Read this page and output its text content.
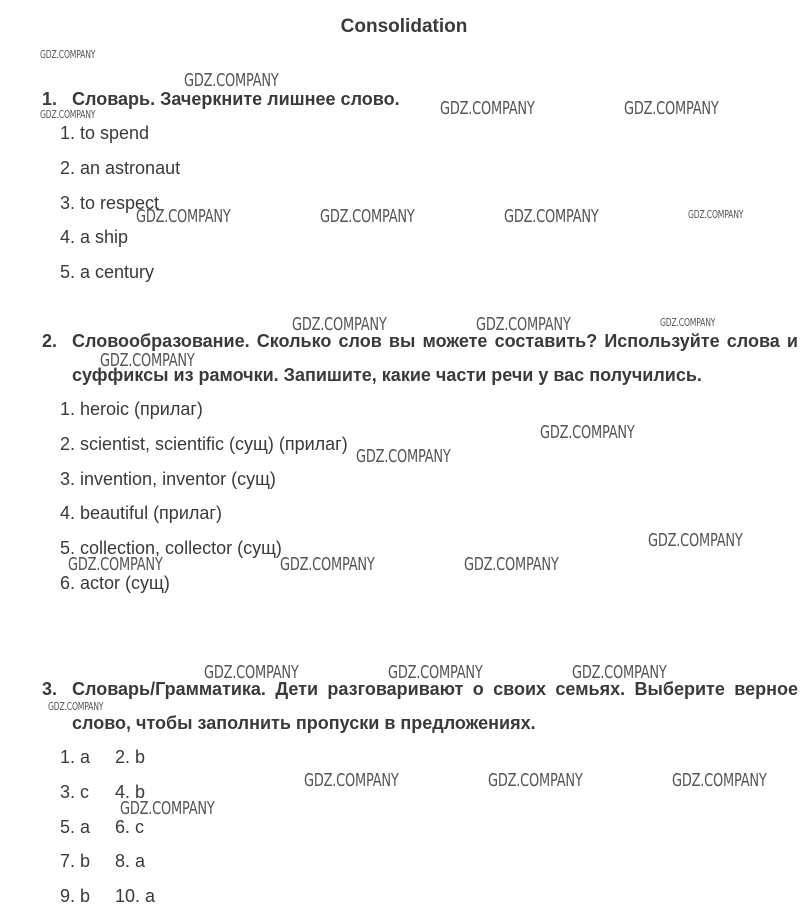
Consolidation
1. Словарь. Зачеркните лишнее слово.
1. to spend
2. an astronaut
3. to respect
4. a ship
5. a century
2. Словообразование. Сколько слов вы можете составить? Используйте слова и суффиксы из рамочки. Запишите, какие части речи у вас получились.
1. heroic (прилаг)
2. scientist, scientific (сущ) (прилаг)
3. invention, inventor (сущ)
4. beautiful (прилаг)
5. collection, collector (сущ)
6. actor (сущ)
3. Словарь/Грамматика. Дети разговаривают о своих семьях. Выберите верное слово, чтобы заполнить пропуски в предложениях.
1. a 2. b
3. c 4. b
5. a 6. c
7. b 8. a
9. b 10. a
GDZ.COMPANY
GDZ.COMPANY
GDZ.COMPANY	GDZ.COMPANY	GDZ.COMPANY
GDZ.COMPANY	GDZ.COMPANY	GDZ.COMPANY	GDZ.COMPANY
GDZ.COMPANY	GDZ.COMPANY	GDZ.COMPANY
GDZ.COMPANY
GDZ.COMPANY
GDZ.COMPANY
GDZ.COMPANY
GDZ.COMPANY	GDZ.COMPANY	GDZ.COMPANY
GDZ.COMPANY	GDZ.COMPANY	GDZ.COMPANY
GDZ.COMPANY
GDZ.COMPANY	GDZ.COMPANY	GDZ.COMPANY
GDZ.COMPANY
